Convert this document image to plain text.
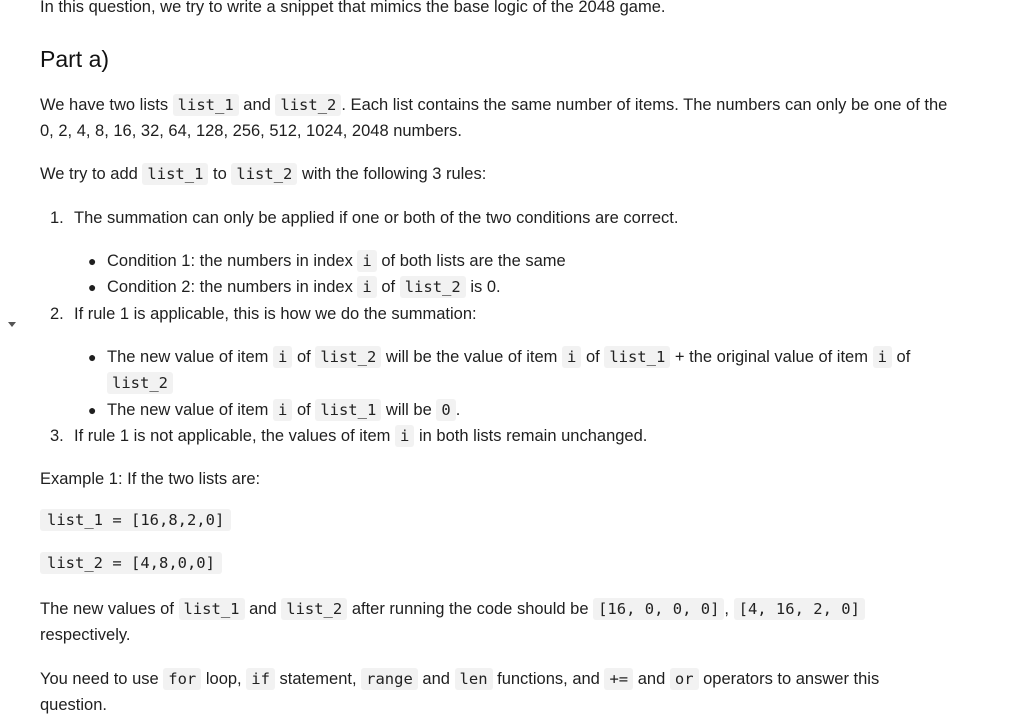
In this question, we try to write a snippet that mimics the base logic of the 2048 game.
Part a)
We have two lists list_1 and list_2 . Each list contains the same number of items. The numbers can only be one of the
0, 2, 4, 8, 16, 32, 64, 128, 256, 512, 1024, 2048 numbers.
We try to add list_1 to list_2 with the following 3 rules:
1. The summation can only be applied if one or both of the two conditions are correct.
● Condition 1: the numbers in index i of both lists are the same
● Condition 2: the numbers in index i of list_2 is 0.
2. If rule 1 is applicable, this is how we do the summation:
● The new value of item i of list_2 will be the value of item i of list_1 + the original value of item i of
list_2
● The new value of item i of list_1 will be 0 .
3. If rule 1 is not applicable, the values of item i in both lists remain unchanged.
Example 1: If the two lists are:
list_1 = [16,8,2,0]
list_2 = [4,8,0,0]
The new values of list_1 and list_2 after running the code should be [16, 0, 0, 0] , [4, 16, 2, 0]
respectively.
You need to use for loop, if statement, range and len functions, and += and or operators to answer this
question.
